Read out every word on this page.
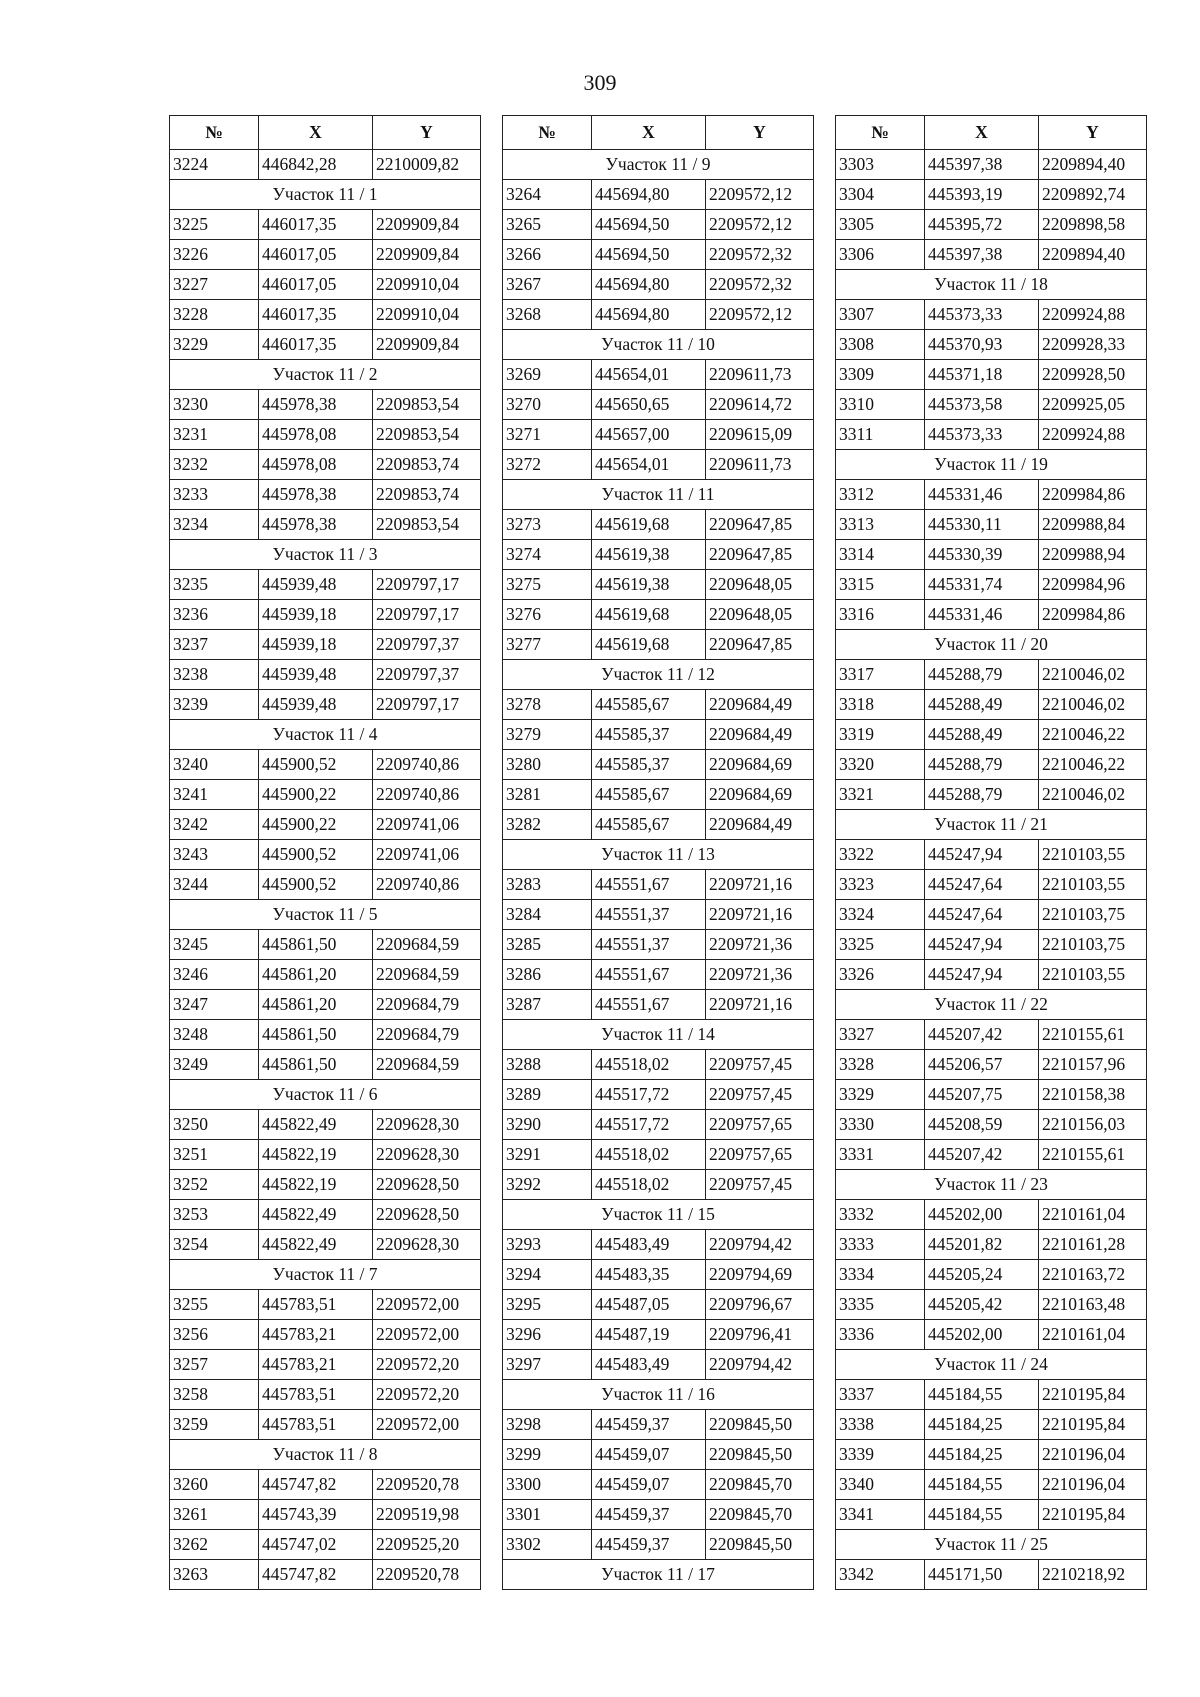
309
№	X	Y
3224	446842,28	2210009,82
Участок 11 / 1		
3225	446017,35	2209909,84
3226	446017,05	2209909,84
3227	446017,05	2209910,04
3228	446017,35	2209910,04
3229	446017,35	2209909,84
Участок 11 / 2		
3230	445978,38	2209853,54
3231	445978,08	2209853,54
3232	445978,08	2209853,74
3233	445978,38	2209853,74
3234	445978,38	2209853,54
Участок 11 / 3		
3235	445939,48	2209797,17
3236	445939,18	2209797,17
3237	445939,18	2209797,37
3238	445939,48	2209797,37
3239	445939,48	2209797,17
Участок 11 / 4		
3240	445900,52	2209740,86
3241	445900,22	2209740,86
3242	445900,22	2209741,06
3243	445900,52	2209741,06
3244	445900,52	2209740,86
Участок 11 / 5		
3245	445861,50	2209684,59
3246	445861,20	2209684,59
3247	445861,20	2209684,79
3248	445861,50	2209684,79
3249	445861,50	2209684,59
Участок 11 / 6		
3250	445822,49	2209628,30
3251	445822,19	2209628,30
3252	445822,19	2209628,50
3253	445822,49	2209628,50
3254	445822,49	2209628,30
Участок 11 / 7		
3255	445783,51	2209572,00
3256	445783,21	2209572,00
3257	445783,21	2209572,20
3258	445783,51	2209572,20
3259	445783,51	2209572,00
Участок 11 / 8		
3260	445747,82	2209520,78
3261	445743,39	2209519,98
3262	445747,02	2209525,20
3263	445747,82	2209520,78
№	X	Y
Участок 11 / 9		
3264	445694,80	2209572,12
3265	445694,50	2209572,12
3266	445694,50	2209572,32
3267	445694,80	2209572,32
3268	445694,80	2209572,12
Участок 11 / 10		
3269	445654,01	2209611,73
3270	445650,65	2209614,72
3271	445657,00	2209615,09
3272	445654,01	2209611,73
Участок 11 / 11		
3273	445619,68	2209647,85
3274	445619,38	2209647,85
3275	445619,38	2209648,05
3276	445619,68	2209648,05
3277	445619,68	2209647,85
Участок 11 / 12		
3278	445585,67	2209684,49
3279	445585,37	2209684,49
3280	445585,37	2209684,69
3281	445585,67	2209684,69
3282	445585,67	2209684,49
Участок 11 / 13		
3283	445551,67	2209721,16
3284	445551,37	2209721,16
3285	445551,37	2209721,36
3286	445551,67	2209721,36
3287	445551,67	2209721,16
Участок 11 / 14		
3288	445518,02	2209757,45
3289	445517,72	2209757,45
3290	445517,72	2209757,65
3291	445518,02	2209757,65
3292	445518,02	2209757,45
Участок 11 / 15		
3293	445483,49	2209794,42
3294	445483,35	2209794,69
3295	445487,05	2209796,67
3296	445487,19	2209796,41
3297	445483,49	2209794,42
Участок 11 / 16		
3298	445459,37	2209845,50
3299	445459,07	2209845,50
3300	445459,07	2209845,70
3301	445459,37	2209845,70
3302	445459,37	2209845,50
Участок 11 / 17		
№	X	Y
3303	445397,38	2209894,40
3304	445393,19	2209892,74
3305	445395,72	2209898,58
3306	445397,38	2209894,40
Участок 11 / 18		
3307	445373,33	2209924,88
3308	445370,93	2209928,33
3309	445371,18	2209928,50
3310	445373,58	2209925,05
3311	445373,33	2209924,88
Участок 11 / 19		
3312	445331,46	2209984,86
3313	445330,11	2209988,84
3314	445330,39	2209988,94
3315	445331,74	2209984,96
3316	445331,46	2209984,86
Участок 11 / 20		
3317	445288,79	2210046,02
3318	445288,49	2210046,02
3319	445288,49	2210046,22
3320	445288,79	2210046,22
3321	445288,79	2210046,02
Участок 11 / 21		
3322	445247,94	2210103,55
3323	445247,64	2210103,55
3324	445247,64	2210103,75
3325	445247,94	2210103,75
3326	445247,94	2210103,55
Участок 11 / 22		
3327	445207,42	2210155,61
3328	445206,57	2210157,96
3329	445207,75	2210158,38
3330	445208,59	2210156,03
3331	445207,42	2210155,61
Участок 11 / 23		
3332	445202,00	2210161,04
3333	445201,82	2210161,28
3334	445205,24	2210163,72
3335	445205,42	2210163,48
3336	445202,00	2210161,04
Участок 11 / 24		
3337	445184,55	2210195,84
3338	445184,25	2210195,84
3339	445184,25	2210196,04
3340	445184,55	2210196,04
3341	445184,55	2210195,84
Участок 11 / 25		
3342	445171,50	2210218,92
